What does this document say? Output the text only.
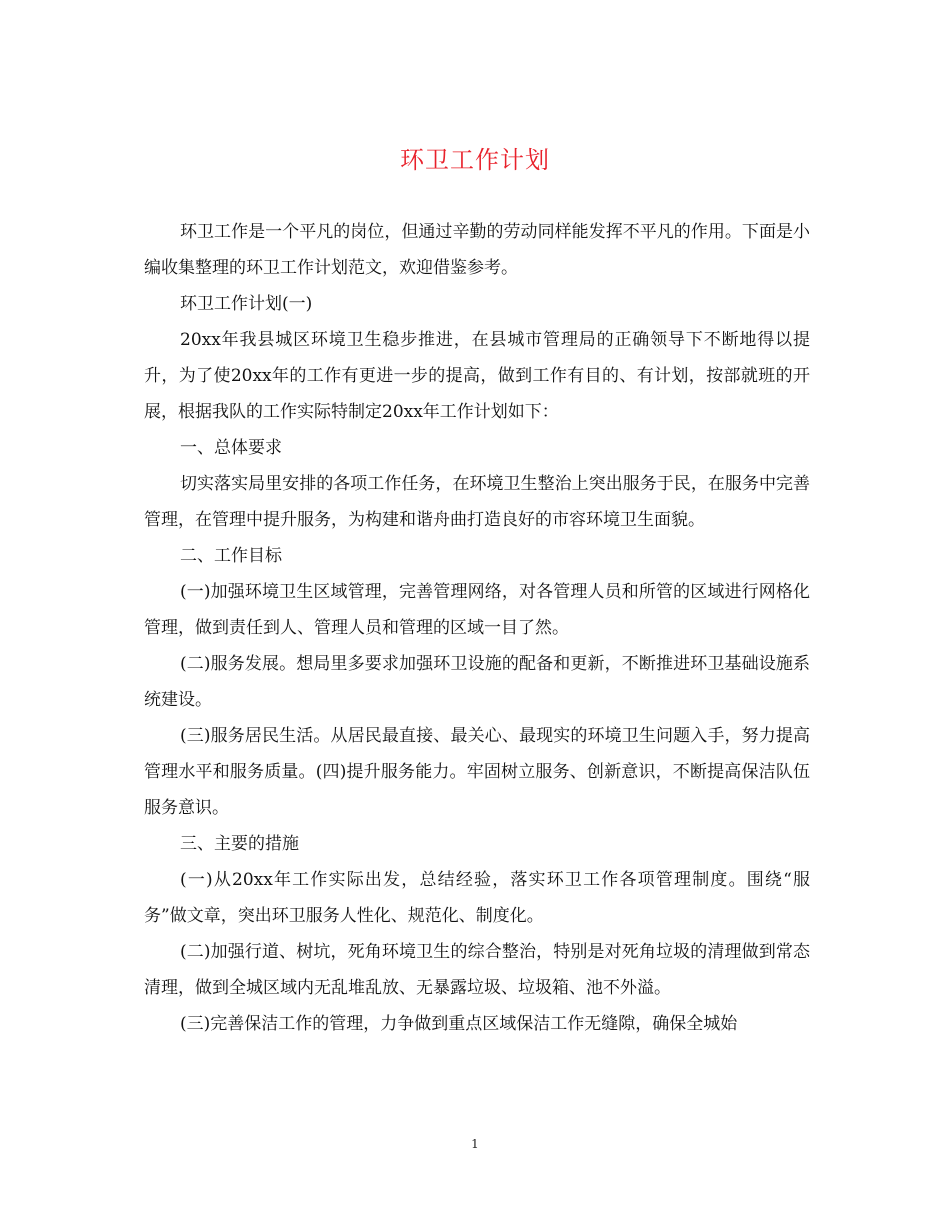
环卫工作计划

环卫工作是一个平凡的岗位，但通过辛勤的劳动同样能发挥不平凡的作用。下面是小编收集整理的环卫工作计划范文，欢迎借鉴参考。

环卫工作计划(一)

20xx年我县城区环境卫生稳步推进，在县城市管理局的正确领导下不断地得以提升，为了使20xx年的工作有更进一步的提高，做到工作有目的、有计划，按部就班的开展，根据我队的工作实际特制定20xx年工作计划如下：

一、总体要求

切实落实局里安排的各项工作任务，在环境卫生整治上突出服务于民，在服务中完善管理，在管理中提升服务，为构建和谐舟曲打造良好的市容环境卫生面貌。

二、工作目标

(一)加强环境卫生区域管理，完善管理网络，对各管理人员和所管的区域进行网格化管理，做到责任到人、管理人员和管理的区域一目了然。

(二)服务发展。想局里多要求加强环卫设施的配备和更新，不断推进环卫基础设施系统建设。

(三)服务居民生活。从居民最直接、最关心、最现实的环境卫生问题入手，努力提高管理水平和服务质量。(四)提升服务能力。牢固树立服务、创新意识，不断提高保洁队伍服务意识。

三、主要的措施

(一)从20xx年工作实际出发，总结经验，落实环卫工作各项管理制度。围绕“服务”做文章，突出环卫服务人性化、规范化、制度化。

(二)加强行道、树坑，死角环境卫生的综合整治，特别是对死角垃圾的清理做到常态清理，做到全城区域内无乱堆乱放、无暴露垃圾、垃圾箱、池不外溢。

(三)完善保洁工作的管理，力争做到重点区域保洁工作无缝隙，确保全城始

1
